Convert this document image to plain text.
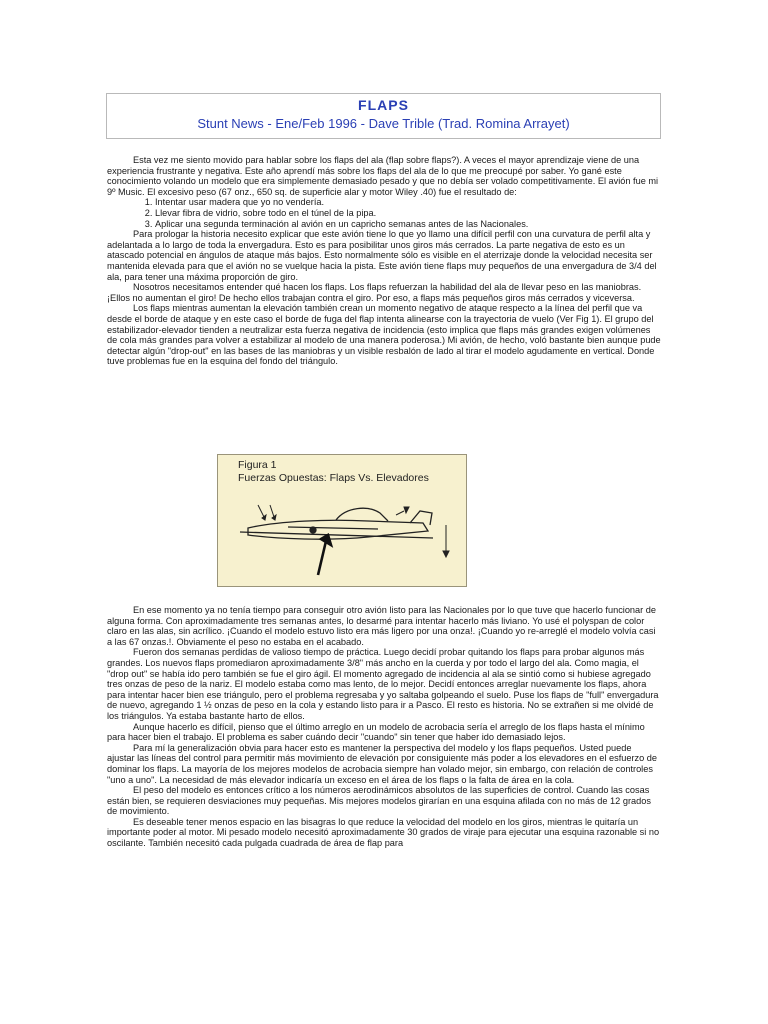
FLAPS
Stunt News - Ene/Feb 1996 - Dave Trible (Trad. Romina Arrayet)

Esta vez me siento movido para hablar sobre los flaps del ala (flap sobre flaps?). A veces el mayor aprendizaje viene de una experiencia frustrante y negativa. Este año aprendí más sobre los flaps del ala de lo que me preocupé por saber. Yo gané este conocimiento volando un modelo que era simplemente demasiado pesado y que no debía ser volado competitivamente. El avión fue mi 9º Music. El excesivo peso (67 onz., 650 sq. de superficie alar y motor Wiley .40) fue el resultado de:

1. Intentar usar madera que yo no vendería.
2. Llevar fibra de vidrio, sobre todo en el túnel de la pipa.
3. Aplicar una segunda terminación al avión en un capricho semanas antes de las Nacionales.

Para prologar la historia necesito explicar que este avión tiene lo que yo llamo una difícil perfil con una curvatura de perfil alta y adelantada a lo largo de toda la envergadura. Esto es para posibilitar unos giros más cerrados. La parte negativa de esto es un atascado potencial en ángulos de ataque más bajos. Esto normalmente sólo es visible en el aterrizaje donde la velocidad necesita ser mantenida elevada para que el avión no se vuelque hacia la pista. Este avión tiene flaps muy pequeños de una envergadura de 3/4 del ala, para tener una máxima proporción de giro.

Nosotros necesitamos entender qué hacen los flaps. Los flaps refuerzan la habilidad del ala de llevar peso en las maniobras. ¡Ellos no aumentan el giro! De hecho ellos trabajan contra el giro. Por eso, a flaps más pequeños giros más cerrados y viceversa.

Los flaps mientras aumentan la elevación también crean un momento negativo de ataque respecto a la línea del perfil que va desde el borde de ataque y en este caso el borde de fuga del flap intenta alinearse con la trayectoria de vuelo (Ver Fig 1). El grupo del estabilizador-elevador tienden a neutralizar esta fuerza negativa de incidencia (esto implica que flaps más grandes exigen volúmenes de cola más grandes para volver a estabilizar al modelo de una manera poderosa.) Mi avión, de hecho, voló bastante bien aunque pude detectar algún "drop-out" en las bases de las maniobras y un visible resbalón de lado al tirar el modelo agudamente en vertical. Donde tuve problemas fue en la esquina del fondo del triángulo.

Figura 1
Fuerzas Opuestas: Flaps Vs. Elevadores

En ese momento ya no tenía tiempo para conseguir otro avión listo para las Nacionales por lo que tuve que hacerlo funcionar de alguna forma. Con aproximadamente tres semanas antes, lo desarmé para intentar hacerlo más liviano. Yo usé el polyspan de color claro en las alas, sin acrílico. ¡Cuando el modelo estuvo listo era más ligero por una onza!. ¡Cuando yo re-arreglé el modelo volvía casi a las 67 onzas.!. Obviamente el peso no estaba en el acabado.

Fueron dos semanas perdidas de valioso tiempo de práctica. Luego decidí probar quitando los flaps para probar algunos más grandes. Los nuevos flaps promediaron aproximadamente 3/8" más ancho en la cuerda y por todo el largo del ala. Como magia, el "drop out" se había ido pero también se fue el giro ágil. El momento agregado de incidencia al ala se sintió como si hubiese agregado tres onzas de peso de la nariz. El modelo estaba como mas lento, de lo mejor. Decidí entonces arreglar nuevamente los flaps, ahora para intentar hacer bien ese triángulo, pero el problema regresaba y yo saltaba golpeando el suelo. Puse los flaps de "full" envergadura de nuevo, agregando 1 ½ onzas de peso en la cola y estando listo para ir a Pasco. El resto es historia. No se extrañen si me olvidé de los triángulos. Ya estaba bastante harto de ellos.

Aunque hacerlo es difícil, pienso que el último arreglo en un modelo de acrobacia sería el arreglo de los flaps hasta el mínimo para hacer bien el trabajo. El problema es saber cuándo decir "cuando" sin tener que haber ido demasiado lejos.

Para mí la generalización obvia para hacer esto es mantener la perspectiva del modelo y los flaps pequeños. Usted puede ajustar las líneas del control para permitir más movimiento de elevación por consiguiente más poder a los elevadores en el esfuerzo de dominar los flaps. La mayoría de los mejores modelos de acrobacia siempre han volado mejor, sin embargo, con relación de controles "uno a uno". La necesidad de más elevador indicaría un exceso en el área de los flaps o la falta de área en la cola.

El peso del modelo es entonces crítico a los números aerodinámicos absolutos de las superficies de control. Cuando las cosas están bien, se requieren desviaciones muy pequeñas. Mis mejores modelos girarían en una esquina afilada con no más de 12 grados de movimiento.

Es deseable tener menos espacio en las bisagras lo que reduce la velocidad del modelo en los giros, mientras le quitaría un importante poder al motor. Mi pesado modelo necesitó aproximadamente 30 grados de viraje para ejecutar una esquina razonable si no oscilante. También necesitó cada pulgada cuadrada de área de flap para
